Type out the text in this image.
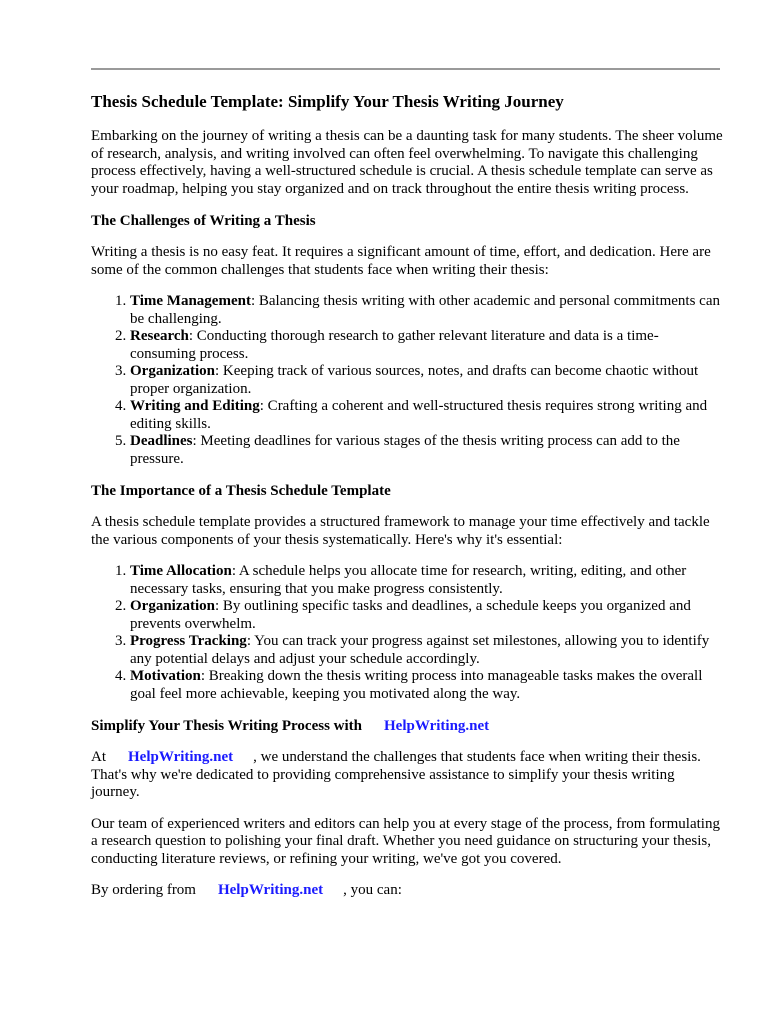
Thesis Schedule Template: Simplify Your Thesis Writing Journey

Embarking on the journey of writing a thesis can be a daunting task for many students. The sheer volume of research, analysis, and writing involved can often feel overwhelming. To navigate this challenging process effectively, having a well-structured schedule is crucial. A thesis schedule template can serve as your roadmap, helping you stay organized and on track throughout the entire thesis writing process.

The Challenges of Writing a Thesis

Writing a thesis is no easy feat. It requires a significant amount of time, effort, and dedication. Here are some of the common challenges that students face when writing their thesis:

1. Time Management: Balancing thesis writing with other academic and personal commitments can be challenging.
2. Research: Conducting thorough research to gather relevant literature and data is a time-consuming process.
3. Organization: Keeping track of various sources, notes, and drafts can become chaotic without proper organization.
4. Writing and Editing: Crafting a coherent and well-structured thesis requires strong writing and editing skills.
5. Deadlines: Meeting deadlines for various stages of the thesis writing process can add to the pressure.
The Importance of a Thesis Schedule Template

A thesis schedule template provides a structured framework to manage your time effectively and tackle the various components of your thesis systematically. Here's why it's essential:

1. Time Allocation: A schedule helps you allocate time for research, writing, editing, and other necessary tasks, ensuring that you make progress consistently.
2. Organization: By outlining specific tasks and deadlines, a schedule keeps you organized and prevents overwhelm.
3. Progress Tracking: You can track your progress against set milestones, allowing you to identify any potential delays and adjust your schedule accordingly.
4. Motivation: Breaking down the thesis writing process into manageable tasks makes the overall goal feel more achievable, keeping you motivated along the way.
Simplify Your Thesis Writing Process with HelpWriting.net

At HelpWriting.net , we understand the challenges that students face when writing their thesis. That's why we're dedicated to providing comprehensive assistance to simplify your thesis writing journey.

Our team of experienced writers and editors can help you at every stage of the process, from formulating a research question to polishing your final draft. Whether you need guidance on structuring your thesis, conducting literature reviews, or refining your writing, we've got you covered.

By ordering from HelpWriting.net , you can:
